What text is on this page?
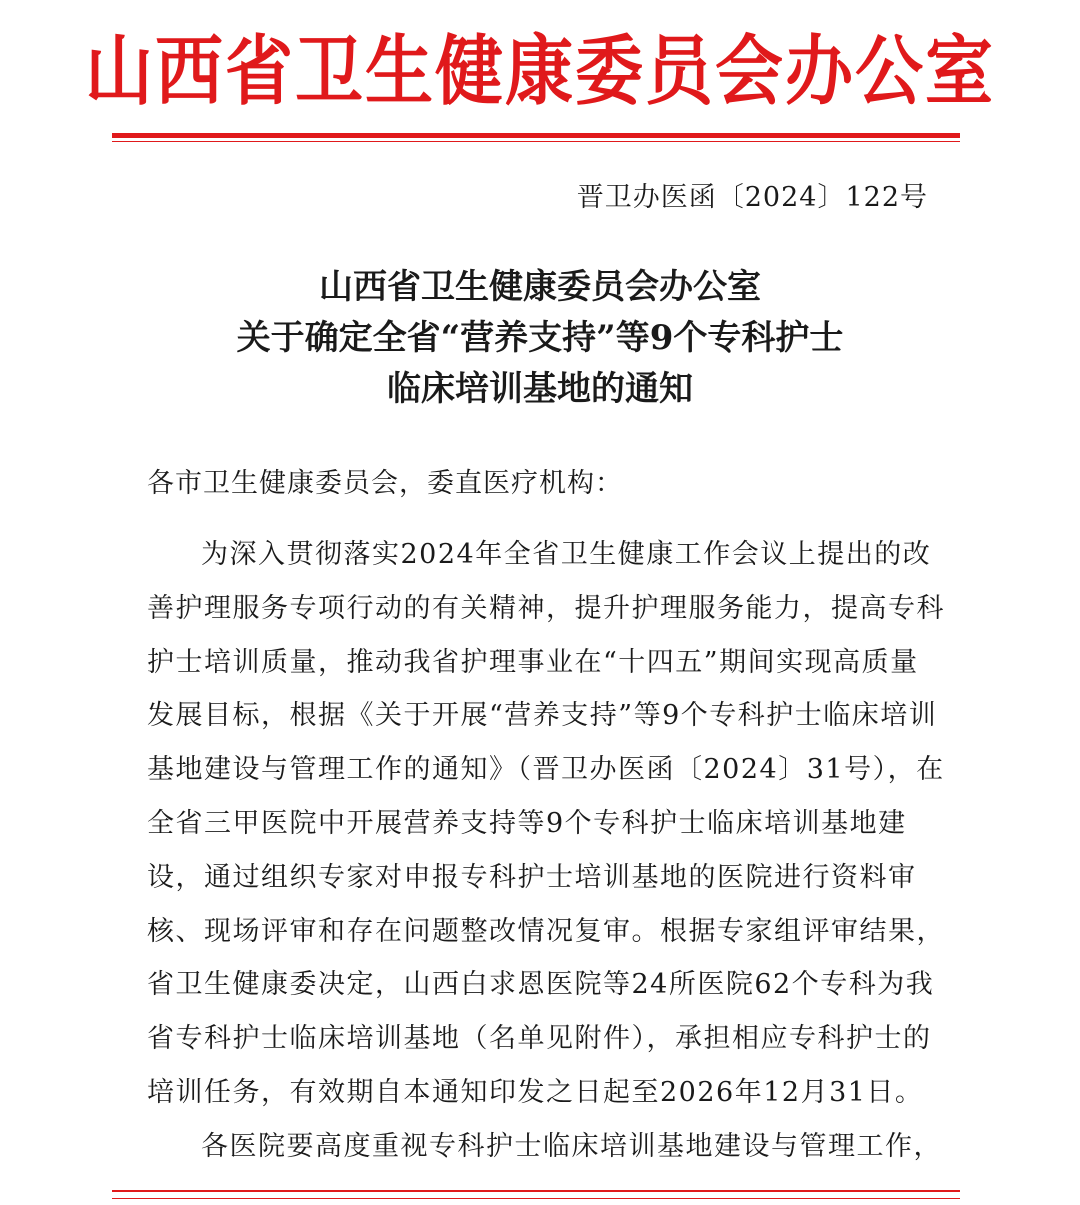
山西省卫生健康委员会办公室
晋卫办医函〔2024〕122号
山西省卫生健康委员会办公室
关于确定全省“营养支持”等9个专科护士
临床培训基地的通知
各市卫生健康委员会，委直医疗机构：

为深入贯彻落实2024年全省卫生健康工作会议上提出的改善护理服务专项行动的有关精神，提升护理服务能力，提高专科护士培训质量，推动我省护理事业在“十四五”期间实现高质量发展目标，根据《关于开展“营养支持”等9个专科护士临床培训基地建设与管理工作的通知》（晋卫办医函〔2024〕31号），在全省三甲医院中开展营养支持等9个专科护士临床培训基地建设，通过组织专家对申报专科护士培训基地的医院进行资料审核、现场评审和存在问题整改情况复审。根据专家组评审结果，省卫生健康委决定，山西白求恩医院等24所医院62个专科为我省专科护士临床培训基地（名单见附件），承担相应专科护士的培训任务，有效期自本通知印发之日起至2026年12月31日。

各医院要高度重视专科护士临床培训基地建设与管理工作，
